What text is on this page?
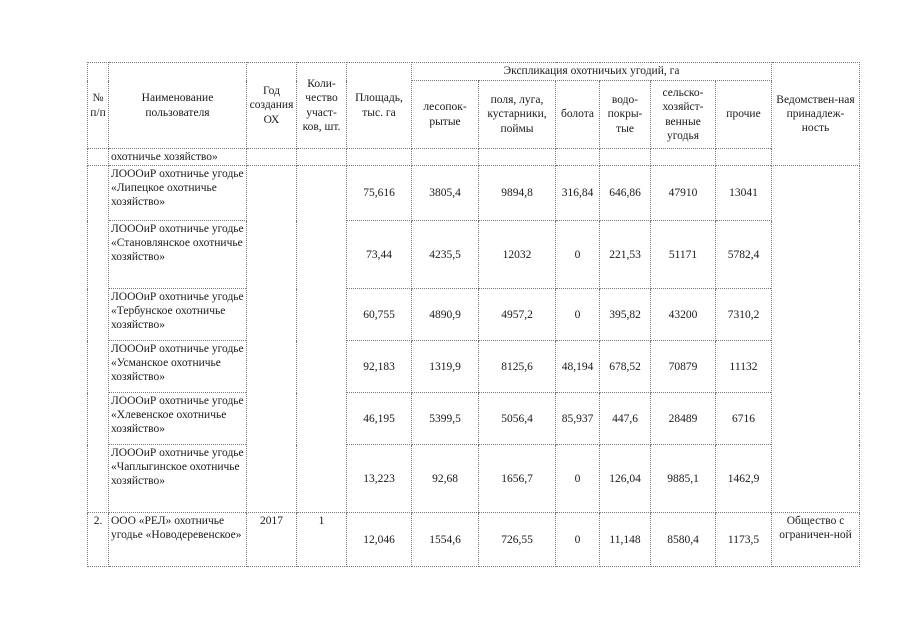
№ п/п	Наименование пользователя	Год создания ОХ	Коли-чество участ-ков, шт.	Площадь, тыс. га	Экспликация охотничьих угодий, га						Ведомствен-ная принадлеж-ность
					лесопок-рытые	поля, луга, кустарники, поймы	болота	водо-покры-тые	сельско-хозяйст-венные угодья	прочие	
	охотничье хозяйство»										
	ЛОООиР охотничье угодье «Липецкое охотничье хозяйство»			75,616	3805,4	9894,8	316,84	646,86	47910	13041	
	ЛОООиР охотничье угодье «Становлянское охотничье хозяйство»			73,44	4235,5	12032	0	221,53	51171	5782,4	
	ЛОООиР охотничье угодье «Тербунское охотничье хозяйство»			60,755	4890,9	4957,2	0	395,82	43200	7310,2	
	ЛОООиР охотничье угодье «Усманское охотничье хозяйство»			92,183	1319,9	8125,6	48,194	678,52	70879	11132	
	ЛОООиР охотничье угодье «Хлевенское охотничье хозяйство»			46,195	5399,5	5056,4	85,937	447,6	28489	6716	
	ЛОООиР охотничье угодье «Чаплыгинское охотничье хозяйство»			13,223	92,68	1656,7	0	126,04	9885,1	1462,9	
2.	ООО «РЕЛ» охотничье угодье «Новодеревенское»	2017	1	12,046	1554,6	726,55	0	11,148	8580,4	1173,5	Общество с ограничен-ной
